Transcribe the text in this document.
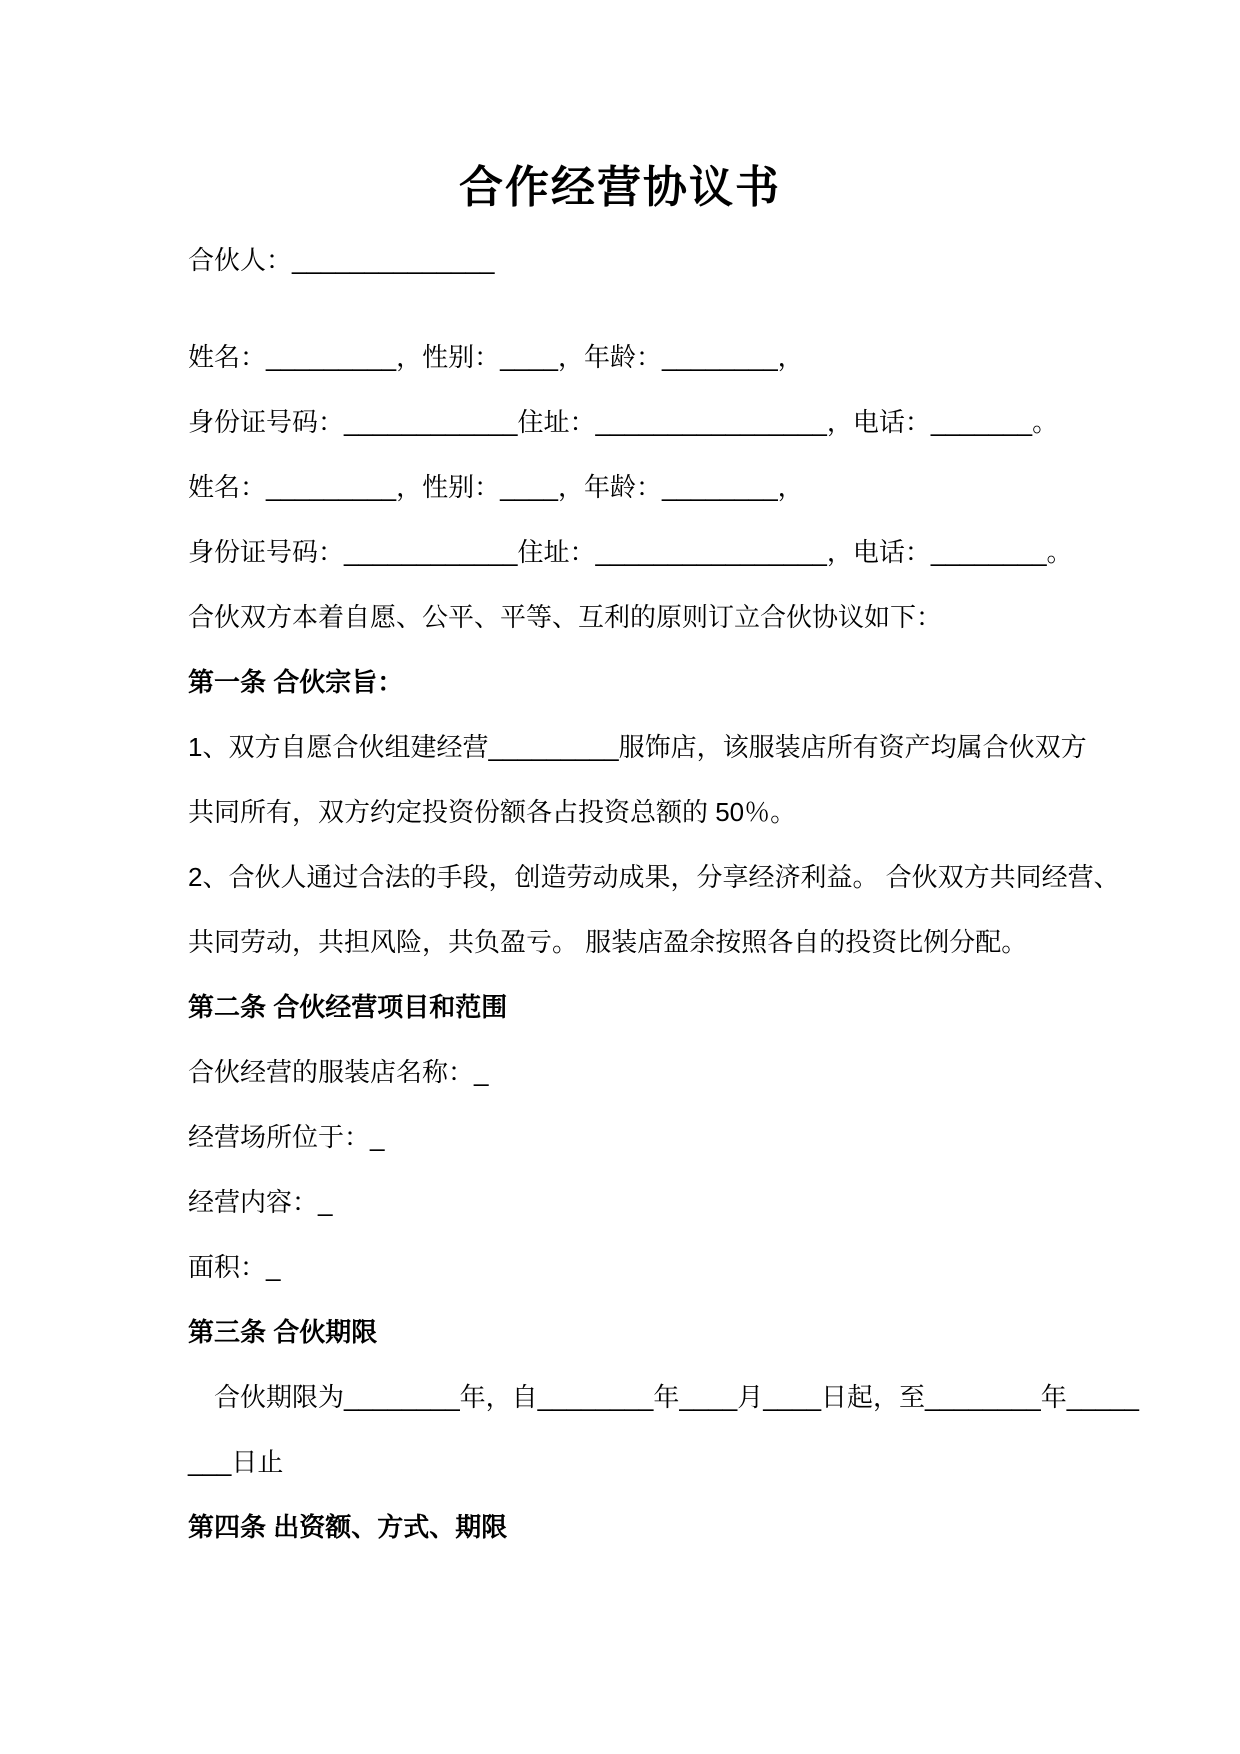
合作经营协议书

合伙人：______________

姓名：_________，性别：____，年龄：________，

身份证号码：____________住址：________________，电话：_______。

姓名：_________，性别：____，年龄：________，

身份证号码：____________住址：________________，电话：________。

合伙双方本着自愿、公平、平等、互利的原则订立合伙协议如下：

第一条 合伙宗旨：

1、双方自愿合伙组建经营_________服饰店，该服装店所有资产均属合伙双方

共同所有，双方约定投资份额各占投资总额的 50％。

2、合伙人通过合法的手段，创造劳动成果，分享经济利益。 合伙双方共同经营、

共同劳动，共担风险，共负盈亏。 服装店盈余按照各自的投资比例分配。

第二条 合伙经营项目和范围

合伙经营的服装店名称：_

经营场所位于：_

经营内容：_

面积：_

第三条 合伙期限

合伙期限为________年，自________年____月____日起，至________年_____

___日止

第四条 出资额、方式、期限
